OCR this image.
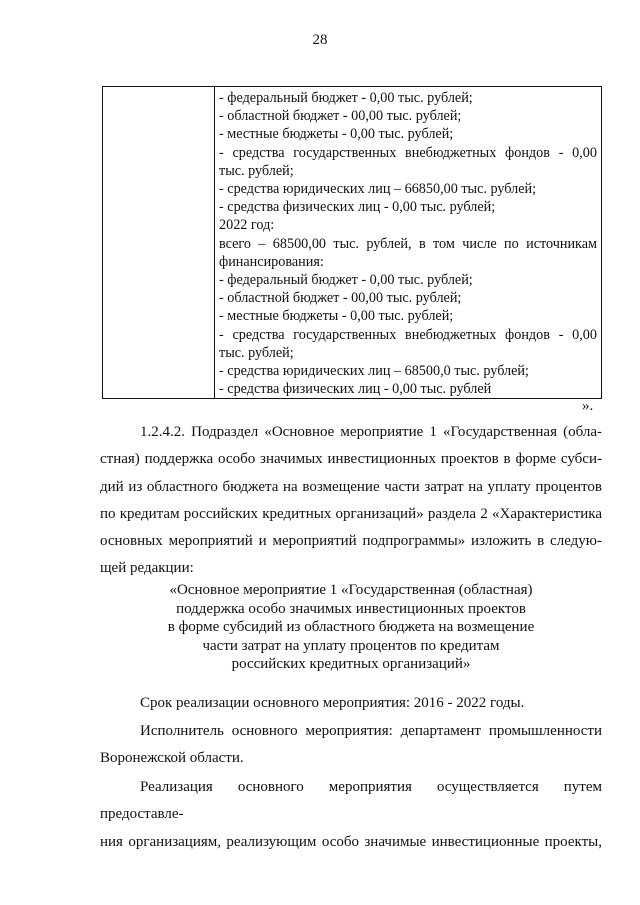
28

- федеральный бюджет - 0,00 тыс. рублей;
- областной бюджет - 00,00 тыс. рублей;
- местные бюджеты - 0,00 тыс. рублей;
- средства государственных внебюджетных фондов - 0,00
тыс. рублей;
- средства юридических лиц – 66850,00 тыс. рублей;
- средства физических лиц - 0,00 тыс. рублей;
2022 год:
всего – 68500,00 тыс. рублей, в том числе по источникам
финансирования:
- федеральный бюджет - 0,00 тыс. рублей;
- областной бюджет - 00,00 тыс. рублей;
- местные бюджеты - 0,00 тыс. рублей;
- средства государственных внебюджетных фондов - 0,00
тыс. рублей;
- средства юридических лиц – 68500,0 тыс. рублей;
- средства физических лиц - 0,00 тыс. рублей
».
1.2.4.2. Подраздел «Основное мероприятие 1 «Государственная (обла-
стная) поддержка особо значимых инвестиционных проектов в форме субси-
дий из областного бюджета на возмещение части затрат на уплату процентов
по кредитам российских кредитных организаций» раздела 2 «Характеристика
основных мероприятий и мероприятий подпрограммы» изложить в следую-
щей редакции:
«Основное мероприятие 1 «Государственная (областная)
поддержка особо значимых инвестиционных проектов
в форме субсидий из областного бюджета на возмещение
части затрат на уплату процентов по кредитам
российских кредитных организаций»
Срок реализации основного мероприятия: 2016 - 2022 годы.
Исполнитель основного мероприятия: департамент промышленности
Воронежской области.
Реализация основного мероприятия осуществляется путем предоставле-
ния организациям, реализующим особо значимые инвестиционные проекты,
